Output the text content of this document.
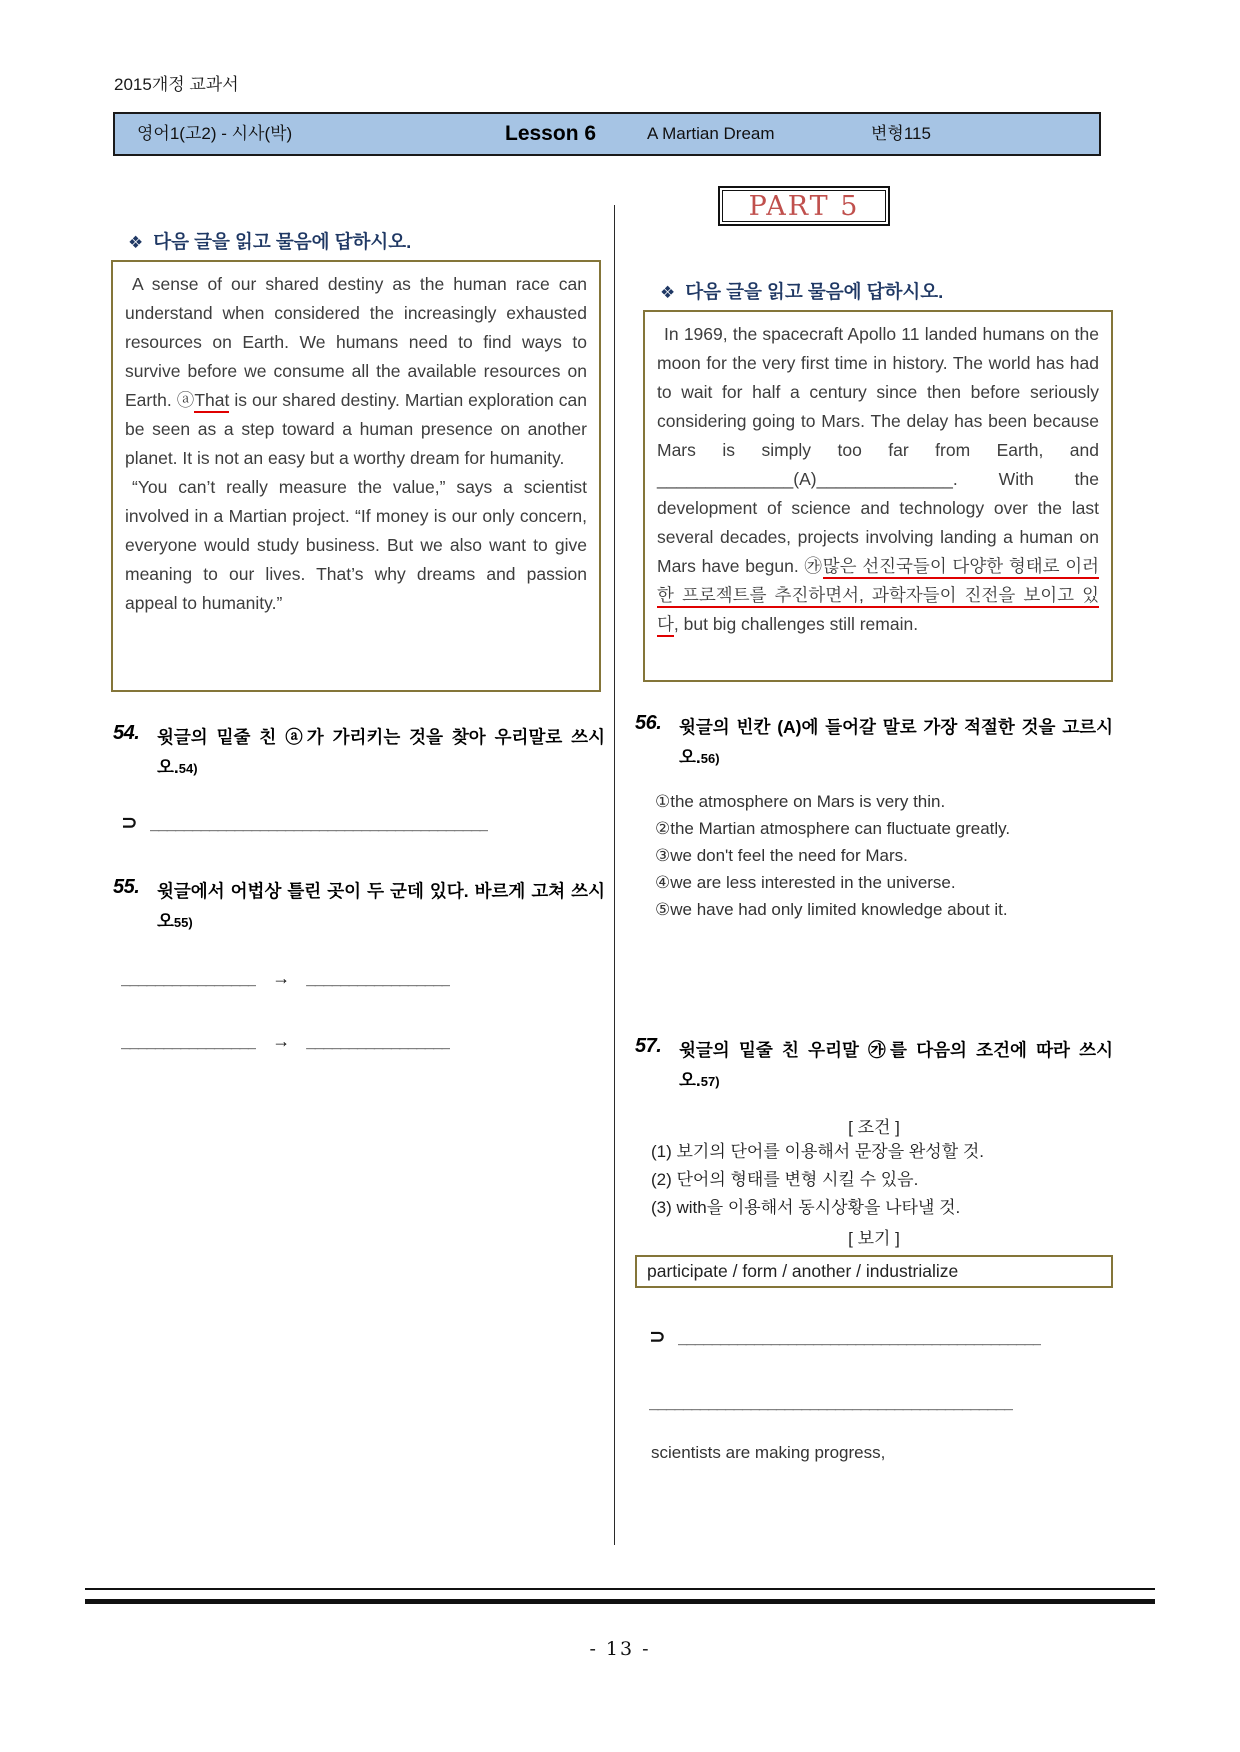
2015개정 교과서
영어1(고2) - 시사(박)	Lesson 6	A Martian Dream	변형115
❖ 다음 글을 읽고 물음에 답하시오.

A sense of our shared destiny as the human race can understand when considered the increasingly exhausted resources on Earth. We humans need to find ways to survive before we consume all the available resources on Earth. ⓐThat is our shared destiny. Martian exploration can be seen as a step toward a human presence on another planet. It is not an easy but a worthy dream for humanity.

“You can’t really measure the value,” says a scientist involved in a Martian project. “If money is our only concern, everyone would study business. But we also want to give meaning to our lives. That’s why dreams and passion appeal to humanity.”

54.	윗글의 밑줄 친 ⓐ가 가리키는 것을 찾아 우리말로 쓰시오.54)
⊃ ________________________________________
55.	윗글에서 어법상 틀린 곳이 두 군데 있다. 바르게 고쳐 쓰시오55)
________________ → _________________
________________ → _________________
PART 5
❖ 다음 글을 읽고 물음에 답하시오.

In 1969, the spacecraft Apollo 11 landed humans on the moon for the very first time in history. The world has had to wait for half a century since then before seriously considering going to Mars. The delay has been because Mars is simply too far from Earth, and ______________(A)______________. With the development of science and technology over the last several decades, projects involving landing a human on Mars have begun. ㉮많은 선진국들이 다양한 형태로 이러한 프로젝트를 추진하면서, 과학자들이 진전을 보이고 있다, but big challenges still remain.

56.	윗글의 빈칸 (A)에 들어갈 말로 가장 적절한 것을 고르시오.56)
①the atmosphere on Mars is very thin.
②the Martian atmosphere can fluctuate greatly.
③we don't feel the need for Mars.
④we are less interested in the universe.
⑤we have had only limited knowledge about it.
57.	윗글의 밑줄 친 우리말 ㉮를 다음의 조건에 따라 쓰시오.57)
[ 조건 ]
(1) 보기의 단어를 이용해서 문장을 완성할 것.
(2) 단어의 형태를 변형 시킬 수 있음.
(3) with을 이용해서 동시상황을 나타낼 것.
[ 보기 ]
participate / form / another / industrialize
⊃ ___________________________________________
___________________________________________
scientists are making progress,
- 13 -
